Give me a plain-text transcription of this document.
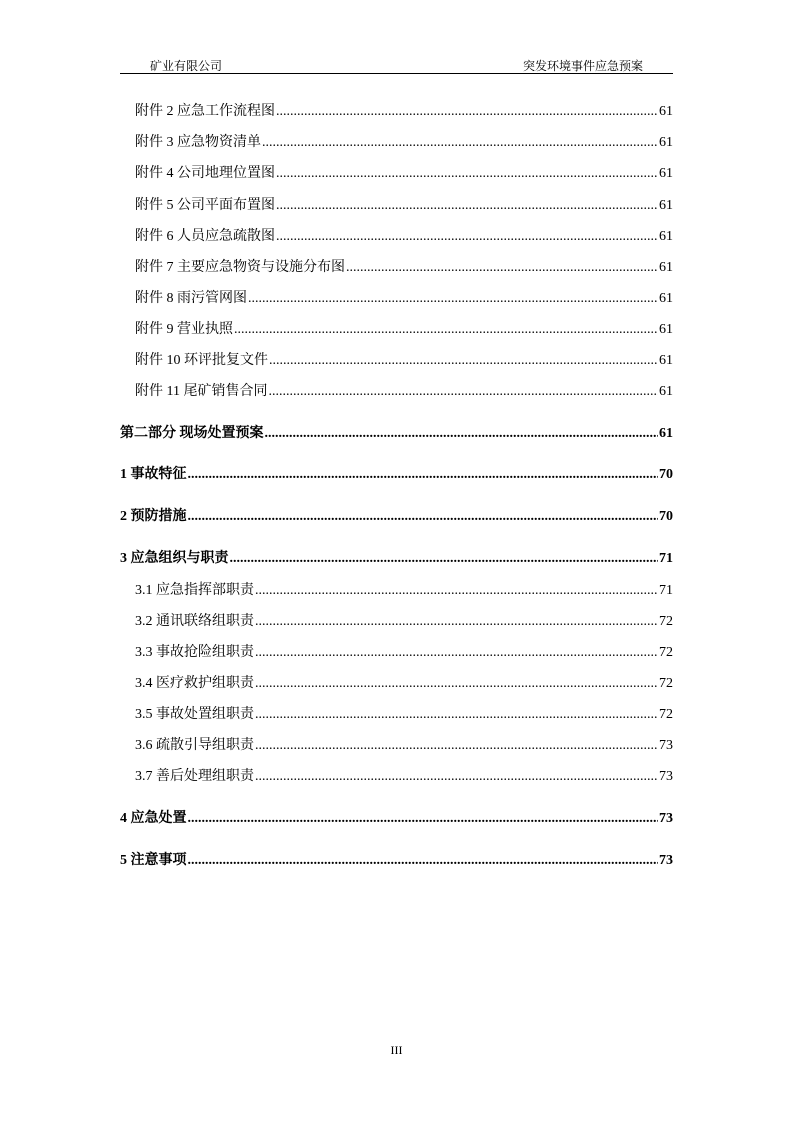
矿业有限公司	突发环境事件应急预案
附件 2 应急工作流程图 .....	61
附件 3 应急物资清单 .....	61
附件 4 公司地理位置图 .....	61
附件 5 公司平面布置图 .....	61
附件 6 人员应急疏散图 .....	61
附件 7 主要应急物资与设施分布图 .....	61
附件 8 雨污管网图 .....	61
附件 9 营业执照 .....	61
附件 10 环评批复文件 .....	61
附件 11 尾矿销售合同 .....	61
第二部分 现场处置预案 .....	61
1 事故特征 .....	70
2 预防措施 .....	70
3 应急组织与职责 .....	71
3.1 应急指挥部职责 .....	71
3.2 通讯联络组职责 .....	72
3.3 事故抢险组职责 .....	72
3.4 医疗救护组职责 .....	72
3.5 事故处置组职责 .....	72
3.6 疏散引导组职责 .....	73
3.7 善后处理组职责 .....	73
4 应急处置 .....	73
5 注意事项 .....	73
III
